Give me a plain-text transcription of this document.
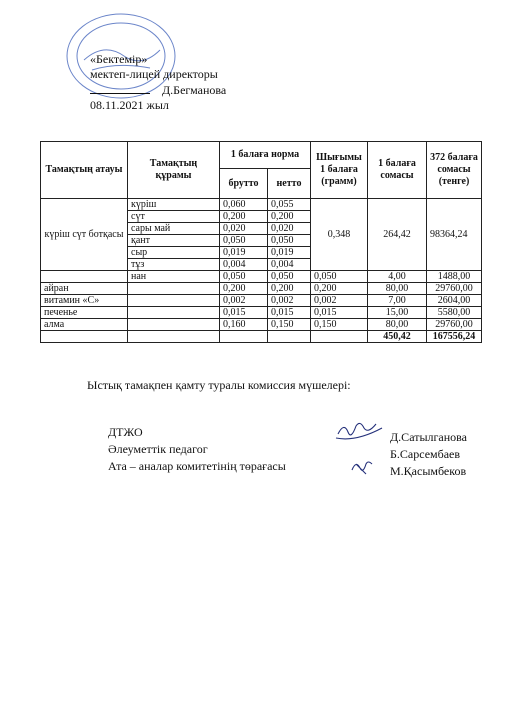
«Бектемір»
мектеп-лицей директоры
Д.Бегманова
08.11.2021 жыл
Тамақтың атауы	Тамақтың құрамы	1 балаға норма		Шығымы 1 балаға (грамм)	1 балаға сомасы	372 балаға сомасы (тенге)
		брутто	нетто			
күріш сүт ботқасы	күріш	0,060	0,055	0,348	264,42	98364,24
	сүт	0,200	0,200			
	сары май	0,020	0,020			
	қант	0,050	0,050			
	сыр	0,019	0,019			
	тұз	0,004	0,004			
	нан	0,050	0,050	0,050	4,00	1488,00
айран		0,200	0,200	0,200	80,00	29760,00
витамин «С»		0,002	0,002	0,002	7,00	2604,00
печенье		0,015	0,015	0,015	15,00	5580,00
алма		0,160	0,150	0,150	80,00	29760,00
					450,42	167556,24
Ыстық тамақпен қамту туралы комиссия мүшелері:
ДТЖО
Әлеуметтік педагог
Ата – аналар комитетінің төрағасы
Д.Сатылганова
Б.Сарсембаев
М.Қасымбеков
